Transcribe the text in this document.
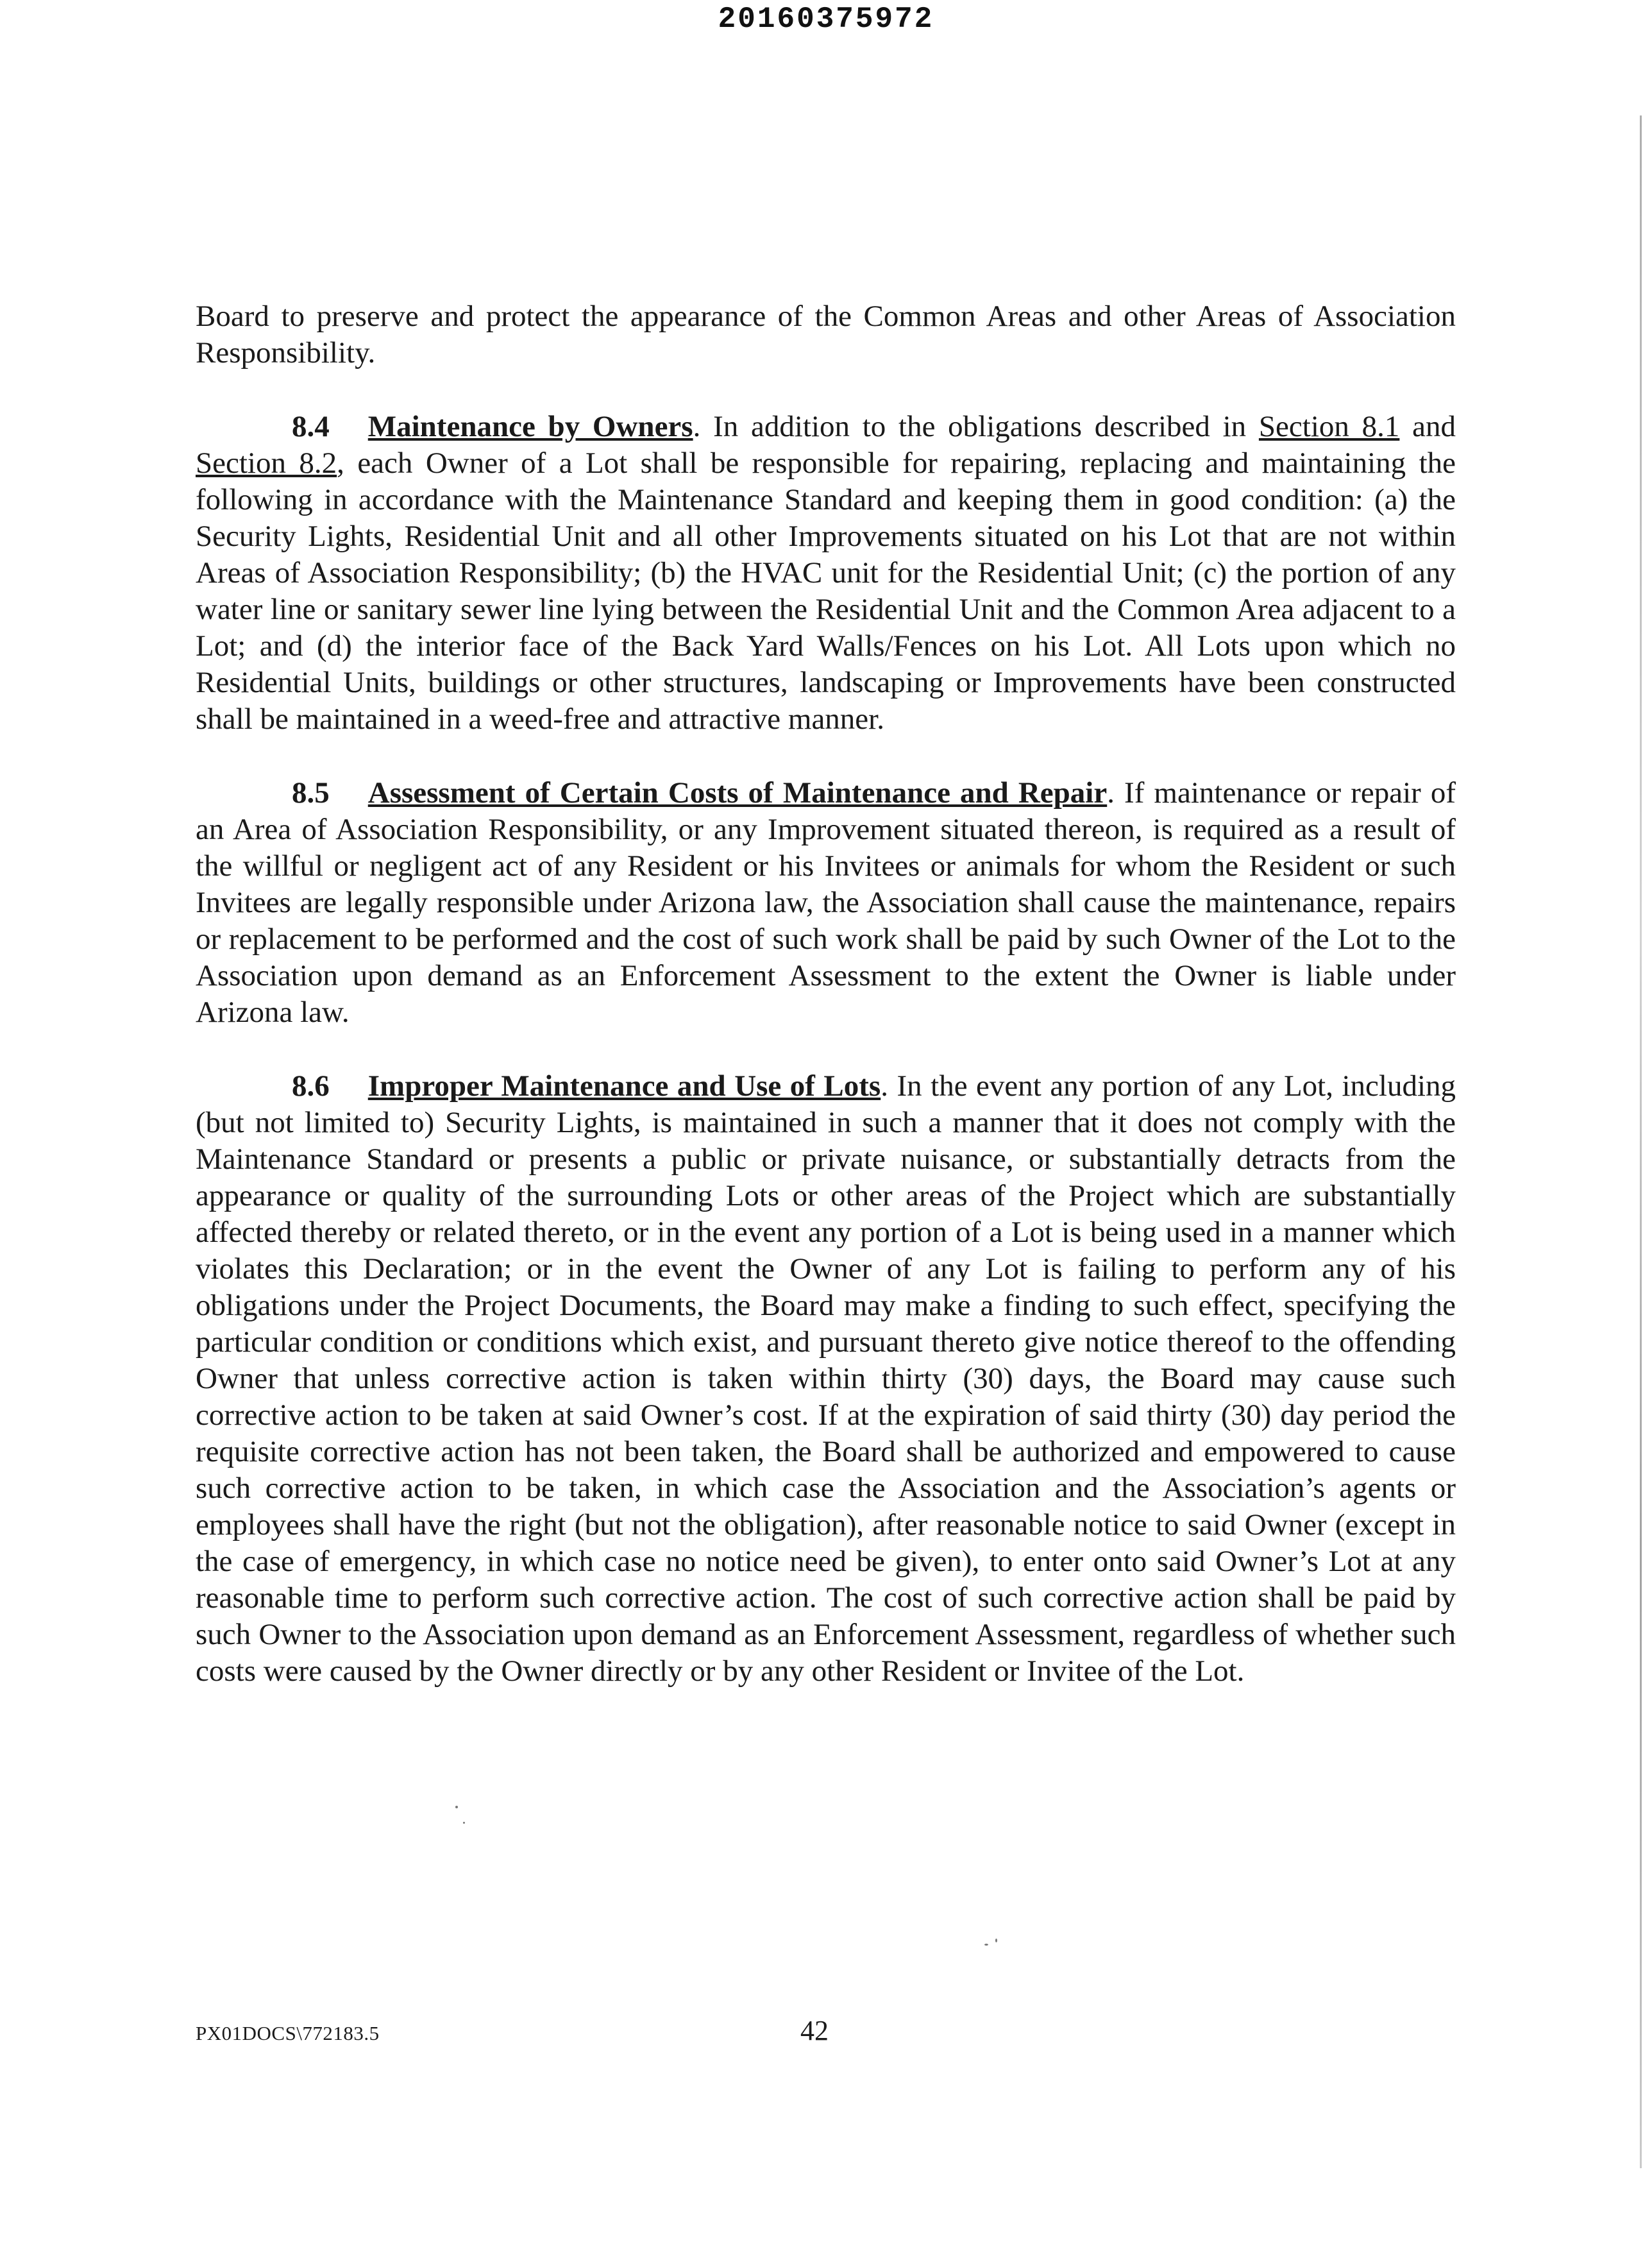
20160375972

Board to preserve and protect the appearance of the Common Areas and other Areas of Association Responsibility.

8.4 Maintenance by Owners. In addition to the obligations described in Section 8.1 and Section 8.2, each Owner of a Lot shall be responsible for repairing, replacing and maintaining the following in accordance with the Maintenance Standard and keeping them in good condition: (a) the Security Lights, Residential Unit and all other Improvements situated on his Lot that are not within Areas of Association Responsibility; (b) the HVAC unit for the Residential Unit; (c) the portion of any water line or sanitary sewer line lying between the Residential Unit and the Common Area adjacent to a Lot; and (d) the interior face of the Back Yard Walls/Fences on his Lot. All Lots upon which no Residential Units, buildings or other structures, landscaping or Improvements have been constructed shall be maintained in a weed-free and attractive manner.

8.5 Assessment of Certain Costs of Maintenance and Repair. If maintenance or repair of an Area of Association Responsibility, or any Improvement situated thereon, is required as a result of the willful or negligent act of any Resident or his Invitees or animals for whom the Resident or such Invitees are legally responsible under Arizona law, the Association shall cause the maintenance, repairs or replacement to be performed and the cost of such work shall be paid by such Owner of the Lot to the Association upon demand as an Enforcement Assessment to the extent the Owner is liable under Arizona law.

8.6 Improper Maintenance and Use of Lots. In the event any portion of any Lot, including (but not limited to) Security Lights, is maintained in such a manner that it does not comply with the Maintenance Standard or presents a public or private nuisance, or substantially detracts from the appearance or quality of the surrounding Lots or other areas of the Project which are substantially affected thereby or related thereto, or in the event any portion of a Lot is being used in a manner which violates this Declaration; or in the event the Owner of any Lot is failing to perform any of his obligations under the Project Documents, the Board may make a finding to such effect, specifying the particular condition or conditions which exist, and pursuant thereto give notice thereof to the offending Owner that unless corrective action is taken within thirty (30) days, the Board may cause such corrective action to be taken at said Owner’s cost. If at the expiration of said thirty (30) day period the requisite corrective action has not been taken, the Board shall be authorized and empowered to cause such corrective action to be taken, in which case the Association and the Association’s agents or employees shall have the right (but not the obligation), after reasonable notice to said Owner (except in the case of emergency, in which case no notice need be given), to enter onto said Owner’s Lot at any reasonable time to perform such corrective action. The cost of such corrective action shall be paid by such Owner to the Association upon demand as an Enforcement Assessment, regardless of whether such costs were caused by the Owner directly or by any other Resident or Invitee of the Lot.

PX01DOCS\772183.5	42
